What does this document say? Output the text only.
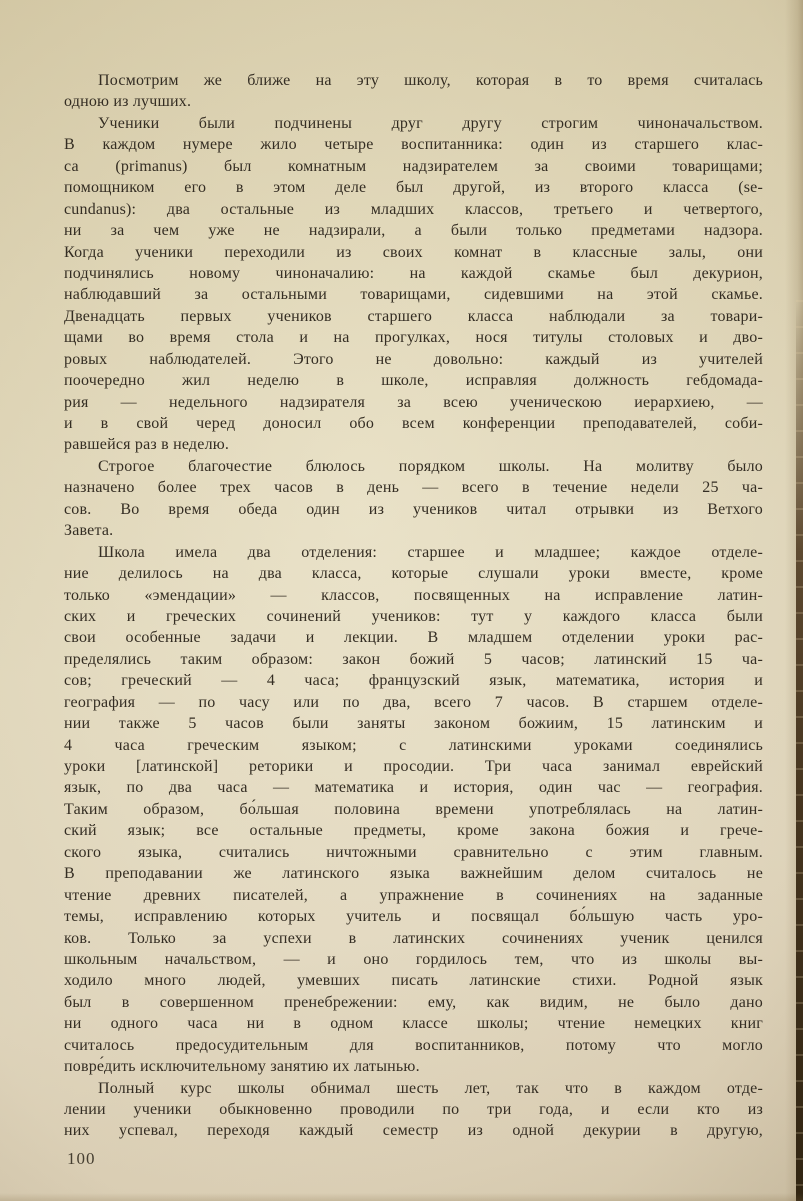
Посмотрим же ближе на эту школу, которая в то время считалась
одною из лучших.
Ученики были подчинены друг другу строгим чиноначальством.
В каждом нумере жило четыре воспитанника: один из старшего клас-
са (primanus) был комнатным надзирателем за своими товарищами;
помощником его в этом деле был другой, из второго класса (se-
cundanus): два остальные из младших классов, третьего и четвертого,
ни за чем уже не надзирали, а были только предметами надзора.
Когда ученики переходили из своих комнат в классные залы, они
подчинялись новому чиноначалию: на каждой скамье был декурион,
наблюдавший за остальными товарищами, сидевшими на этой скамье.
Двенадцать первых учеников старшего класса наблюдали за товари-
щами во время стола и на прогулках, нося титулы столовых и дво-
ровых наблюдателей. Этого не довольно: каждый из учителей
поочередно жил неделю в школе, исправляя должность гебдомада-
рия — недельного надзирателя за всею ученическою иерархиею, —
и в свой черед доносил обо всем конференции преподавателей, соби-
равшейся раз в неделю.
Строгое благочестие блюлось порядком школы. На молитву было
назначено более трех часов в день — всего в течение недели 25 ча-
сов. Во время обеда один из учеников читал отрывки из Ветхого
Завета.
Школа имела два отделения: старшее и младшее; каждое отделе-
ние делилось на два класса, которые слушали уроки вместе, кроме
только «эмендации» — классов, посвященных на исправление латин-
ских и греческих сочинений учеников: тут у каждого класса были
свои особенные задачи и лекции. В младшем отделении уроки рас-
пределялись таким образом: закон божий 5 часов; латинский 15 ча-
сов; греческий — 4 часа; французский язык, математика, история и
география — по часу или по два, всего 7 часов. В старшем отделе-
нии также 5 часов были заняты законом божиим, 15 латинским и
4 часа греческим языком; с латинскими уроками соединялись
уроки [латинской] реторики и просодии. Три часа занимал еврейский
язык, по два часа — математика и история, один час — география.
Таким образом, бо́льшая половина времени употреблялась на латин-
ский язык; все остальные предметы, кроме закона божия и грече-
ского языка, считались ничтожными сравнительно с этим главным.
В преподавании же латинского языка важнейшим делом считалось не
чтение древних писателей, а упражнение в сочинениях на заданные
темы, исправлению которых учитель и посвящал бо́льшую часть уро-
ков. Только за успехи в латинских сочинениях ученик ценился
школьным начальством, — и оно гордилось тем, что из школы вы-
ходило много людей, умевших писать латинские стихи. Родной язык
был в совершенном пренебрежении: ему, как видим, не было дано
ни одного часа ни в одном классе школы; чтение немецких книг
считалось предосудительным для воспитанников, потому что могло
повре́дить исключительному занятию их латынью.
Полный курс школы обнимал шесть лет, так что в каждом отде-
лении ученики обыкновенно проводили по три года, и если кто из
них успевал, переходя каждый семестр из одной декурии в другую,
100
